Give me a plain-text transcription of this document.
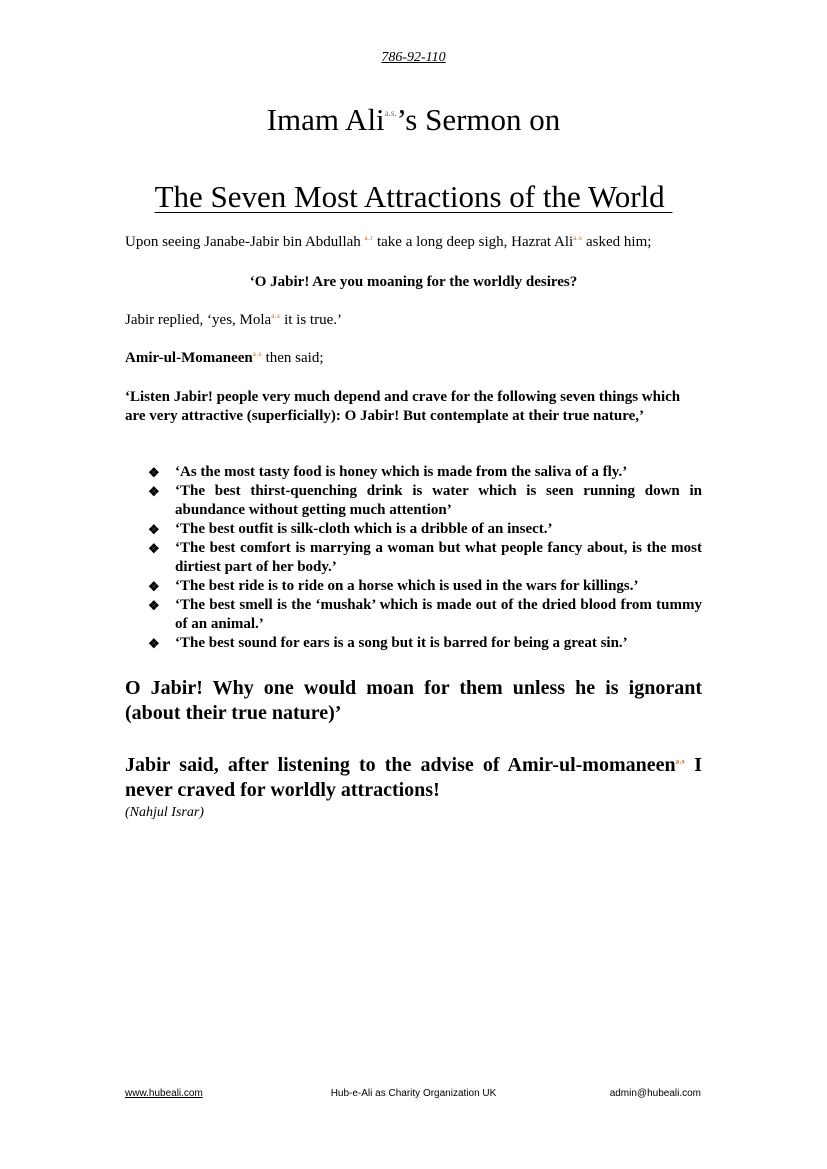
786-92-110
Imam Ali$^{a.s.}$’s Sermon on
The Seven Most Attractions of the World
Upon seeing Janabe-Jabir bin Abdullah $^{a.r}$ take a long deep sigh, Hazrat Ali$^{a.s}$ asked him;
‘O Jabir! Are you moaning for the worldly desires?
Jabir replied, ‘yes, Mola$^{a.s}$ it is true.’
Amir-ul-Momaneen$^{a.s}$ then said;
‘Listen Jabir! people very much depend and crave for the following seven things which are very attractive (superficially): O Jabir! But contemplate at their true nature,’
❖ ‘As the most tasty food is honey which is made from the saliva of a fly.’
❖ ‘The best thirst-quenching drink is water which is seen running down in abundance without getting much attention’
❖ ‘The best outfit is silk-cloth which is a dribble of an insect.’
❖ ‘The best comfort is marrying a woman but what people fancy about, is the most dirtiest part of her body.’
❖ ‘The best ride is to ride on a horse which is used in the wars for killings.’
❖ ‘The best smell is the ‘mushak’ which is made out of the dried blood from tummy of an animal.’
❖ ‘The best sound for ears is a song but it is barred for being a great sin.’
O Jabir! Why one would moan for them unless he is ignorant (about their true nature)’
Jabir said, after listening to the advise of Amir-ul-momaneen$^{a.s}$ I never craved for worldly attractions!
(Nahjul Israr)
www.hubeali.com	Hub-e-Ali as Charity Organization UK	admin@hubeali.com
